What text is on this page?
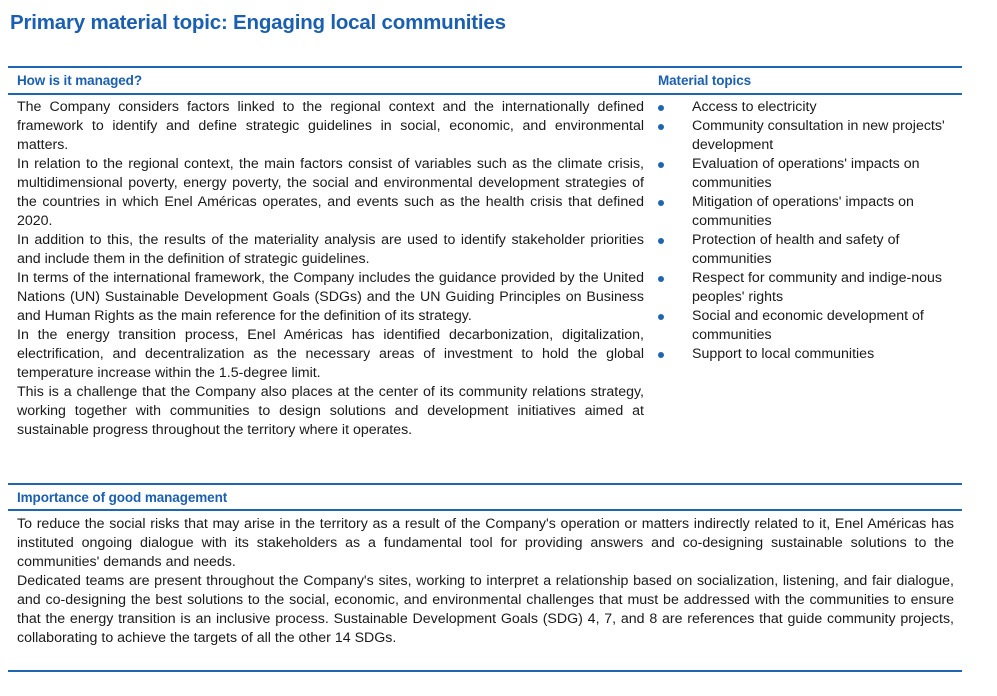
Primary material topic: Engaging local communities
How is it managed?	Material topics

The Company considers factors linked to the regional context and the internationally defined framework to identify and define strategic guidelines in social, economic, and environmental matters.

In relation to the regional context, the main factors consist of variables such as the climate crisis, multidimensional poverty, energy poverty, the social and environmental development strategies of the countries in which Enel Américas operates, and events such as the health crisis that defined 2020.

In addition to this, the results of the materiality analysis are used to identify stakeholder priorities and include them in the definition of strategic guidelines.

In terms of the international framework, the Company includes the guidance provided by the United Nations (UN) Sustainable Development Goals (SDGs) and the UN Guiding Principles on Business and Human Rights as the main reference for the definition of its strategy.

In the energy transition process, Enel Américas has identified decarbonization, digitalization, electrification, and decentralization as the necessary areas of investment to hold the global temperature increase within the 1.5-degree limit.

This is a challenge that the Company also places at the center of its community relations strategy, working together with communities to design solutions and development initiatives aimed at sustainable progress throughout the territory where it operates.

Access to electricity
Community consultation in new projects' development
Evaluation of operations' impacts on communities
Mitigation of operations' impacts on communities
Protection of health and safety of communities
Respect for community and indige-nous peoples' rights
Social and economic development of communities
Support to local communities
Importance of good management

To reduce the social risks that may arise in the territory as a result of the Company's operation or matters indirectly related to it, Enel Américas has instituted ongoing dialogue with its stakeholders as a fundamental tool for providing answers and co-designing sustainable solutions to the communities' demands and needs.

Dedicated teams are present throughout the Company's sites, working to interpret a relationship based on socialization, listening, and fair dialogue, and co-designing the best solutions to the social, economic, and environmental challenges that must be addressed with the communities to ensure that the energy transition is an inclusive process. Sustainable Development Goals (SDG) 4, 7, and 8 are references that guide community projects, collaborating to achieve the targets of all the other 14 SDGs.
